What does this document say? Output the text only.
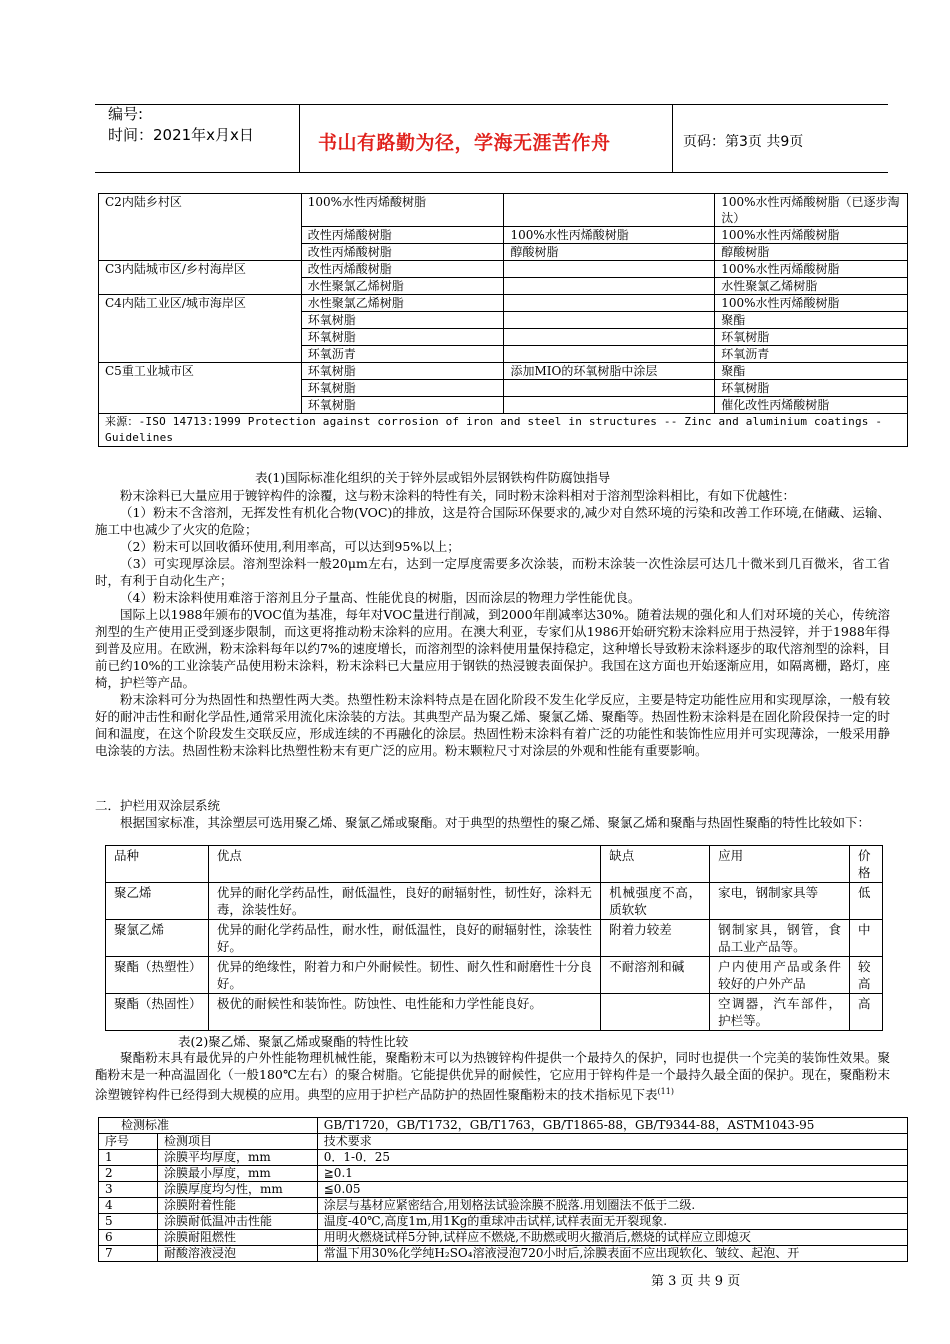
编号:
时间：2021年x月x日	书山有路勤为径，学海无涯苦作舟	页码：第3页 共9页
C2内陆乡村区	100%水性丙烯酸树脂		100%水性丙烯酸树脂（已逐步淘汰）
	改性丙烯酸树脂	100%水性丙烯酸树脂	100%水性丙烯酸树脂
	改性丙烯酸树脂	醇酸树脂	醇酸树脂
C3内陆城市区/乡村海岸区	改性丙烯酸树脂		100%水性丙烯酸树脂
	水性聚氯乙烯树脂		水性聚氯乙烯树脂
C4内陆工业区/城市海岸区	水性聚氯乙烯树脂		100%水性丙烯酸树脂
	环氧树脂		聚酯
	环氧树脂		环氧树脂
	环氧沥青		环氧沥青
C5重工业城市区	环氧树脂	添加MIO的环氧树脂中涂层	聚酯
	环氧树脂		环氧树脂
	环氧树脂		催化改性丙烯酸树脂
来源：-ISO 14713:1999 Protection against corrosion of iron and steel in structures -- Zinc and aluminium coatings - Guidelines			
表(1)国际标准化组织的关于锌外层或铝外层钢铁构件防腐蚀指导

粉末涂料已大量应用于镀锌构件的涂覆，这与粉末涂料的特性有关，同时粉末涂料相对于溶剂型涂料相比，有如下优越性：

（1）粉末不含溶剂，无挥发性有机化合物(VOC)的排放，这是符合国际环保要求的,减少对自然环境的污染和改善工作环境,在储藏、运输、施工中也减少了火灾的危险；

（2）粉末可以回收循环使用,利用率高，可以达到95%以上；

（3）可实现厚涂层。溶剂型涂料一般20μm左右，达到一定厚度需要多次涂装，而粉末涂装一次性涂层可达几十微米到几百微米，省工省时，有利于自动化生产；

（4）粉末涂料使用难溶于溶剂且分子量高、性能优良的树脂，因而涂层的物理力学性能优良。

国际上以1988年颁布的VOC值为基准，每年对VOC量进行削减，到2000年削减率达30%。随着法规的强化和人们对环境的关心，传统溶剂型的生产使用正受到逐步限制，而这更将推动粉末涂料的应用。在澳大利亚，专家们从1986开始研究粉末涂料应用于热浸锌，并于1988年得到普及应用。在欧洲，粉末涂料每年以约7%的速度增长，而溶剂型的涂料使用量保持稳定，这种增长导致粉末涂料逐步的取代溶剂型的涂料，目前已约10%的工业涂装产品使用粉末涂料，粉末涂料已大量应用于钢铁的热浸镀表面保护。我国在这方面也开始逐渐应用，如隔离栅，路灯，座椅，护栏等产品。

粉末涂料可分为热固性和热塑性两大类。热塑性粉末涂料特点是在固化阶段不发生化学反应，主要是特定功能性应用和实现厚涂，一般有较好的耐冲击性和耐化学品性,通常采用流化床涂装的方法。其典型产品为聚乙烯、聚氯乙烯、聚酯等。热固性粉末涂料是在固化阶段保持一定的时间和温度，在这个阶段发生交联反应，形成连续的不再融化的涂层。热固性粉末涂料有着广泛的功能性和装饰性应用并可实现薄涂，一般采用静电涂装的方法。热固性粉末涂料比热塑性粉末有更广泛的应用。粉末颗粒尺寸对涂层的外观和性能有重要影响。

二．护栏用双涂层系统

根据国家标准，其涂塑层可选用聚乙烯、聚氯乙烯或聚酯。对于典型的热塑性的聚乙烯、聚氯乙烯和聚酯与热固性聚酯的特性比较如下：

品种	优点	缺点	应用	价格
聚乙烯	优异的耐化学药品性，耐低温性，良好的耐辐射性，韧性好，涂料无毒，涂装性好。	机械强度不高，质软软	家电，钢制家具等	低
聚氯乙烯	优异的耐化学药品性，耐水性，耐低温性，良好的耐辐射性，涂装性好。	附着力较差	钢制家具，钢管，食品工业产品等。	中
聚酯（热塑性）	优异的绝缘性，附着力和户外耐候性。韧性、耐久性和耐磨性十分良好。	不耐溶剂和碱	户内使用产品或条件较好的户外产品	较高
聚酯（热固性）	极优的耐候性和装饰性。防蚀性、电性能和力学性能良好。		空调器，汽车部件，护栏等。	高
表(2)聚乙烯、聚氯乙烯或聚酯的特性比较

聚酯粉末具有最优异的户外性能物理机械性能，聚酯粉末可以为热镀锌构件提供一个最持久的保护，同时也提供一个完美的装饰性效果。聚酯粉末是一种高温固化（一般180℃左右）的聚合树脂。它能提供优异的耐候性，它应用于锌构件是一个最持久最全面的保护。现在，聚酯粉末涂塑镀锌构件已经得到大规模的应用。典型的应用于护栏产品防护的热固性聚酯粉末的技术指标见下表$^{(11)}$

检测标准		GB/T1720，GB/T1732，GB/T1763，GB/T1865-88，GB/T9344-88，ASTM1043-95
序号	检测项目	技术要求
1	涂膜平均厚度，mm	0．1-0．25
2	涂膜最小厚度，mm	≧0.1
3	涂膜厚度均匀性，mm	≦0.05
4	涂膜附着性能	涂层与基材应紧密结合,用划格法试验涂膜不脱落.用划圈法不低于二级.
5	涂膜耐低温冲击性能	温度-40℃,高度1m,用1Kg的重球冲击试样,试样表面无开裂现象.
6	涂膜耐阻燃性	用明火燃烧试样5分钟,试样应不燃烧,不助燃或明火撤消后,燃烧的试样应立即熄灭
7	耐酸溶液浸泡	常温下用30%化学纯H₂SO₄溶液浸泡720小时后,涂膜表面不应出现软化、皱纹、起泡、开
第 3 页 共 9 页
